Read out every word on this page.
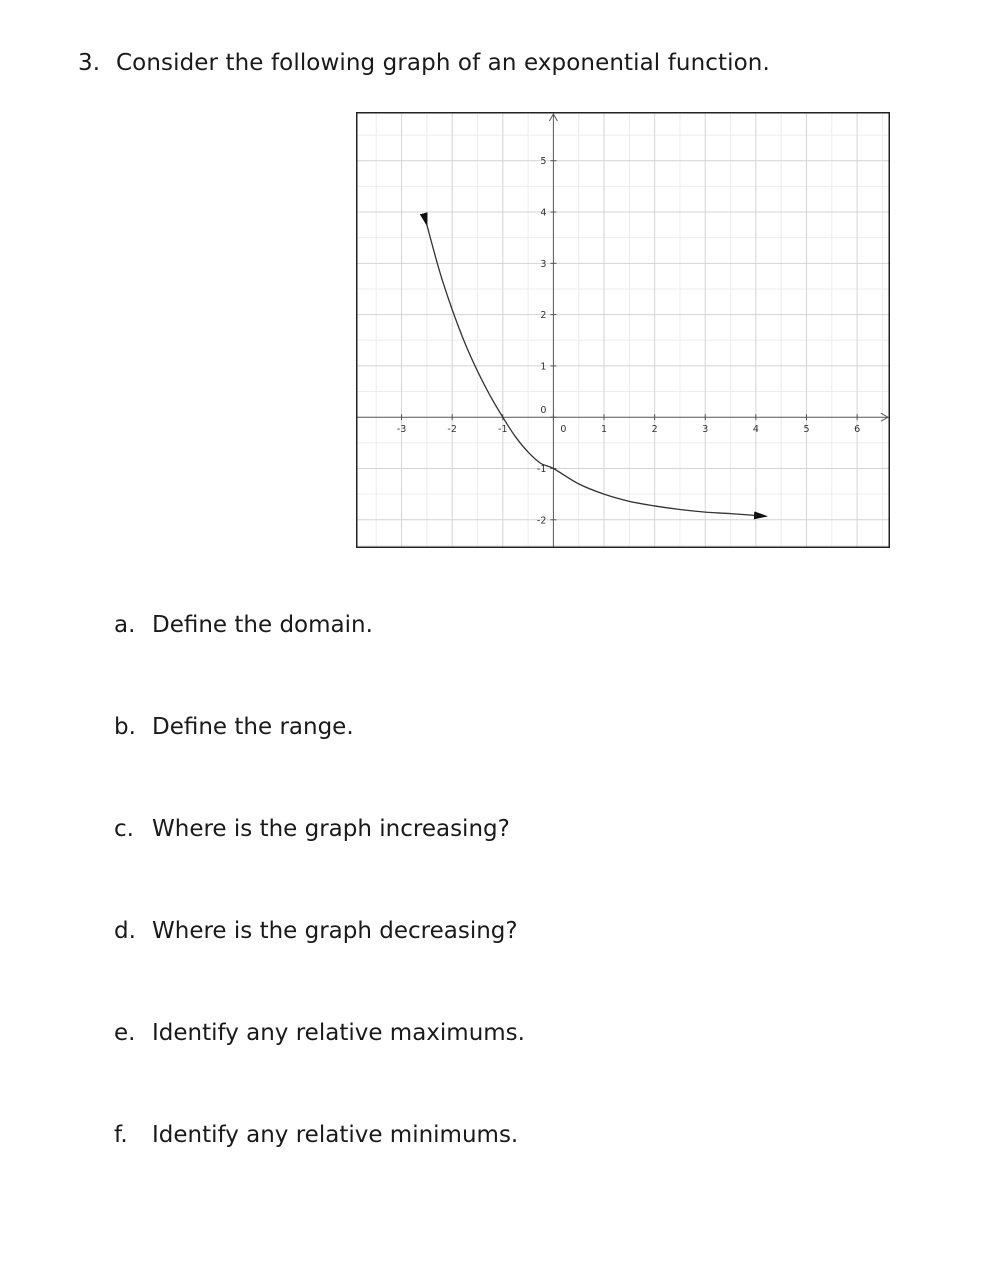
3. Consider the following graph of an exponential function.
-3	-2	-1	0	1	2	3	4	5	6
5
4
3
2
1
0
-1
-2
a. Define the domain.
b. Define the range.
c. Where is the graph increasing?
d. Where is the graph decreasing?
e. Identify any relative maximums.
f. Identify any relative minimums.
